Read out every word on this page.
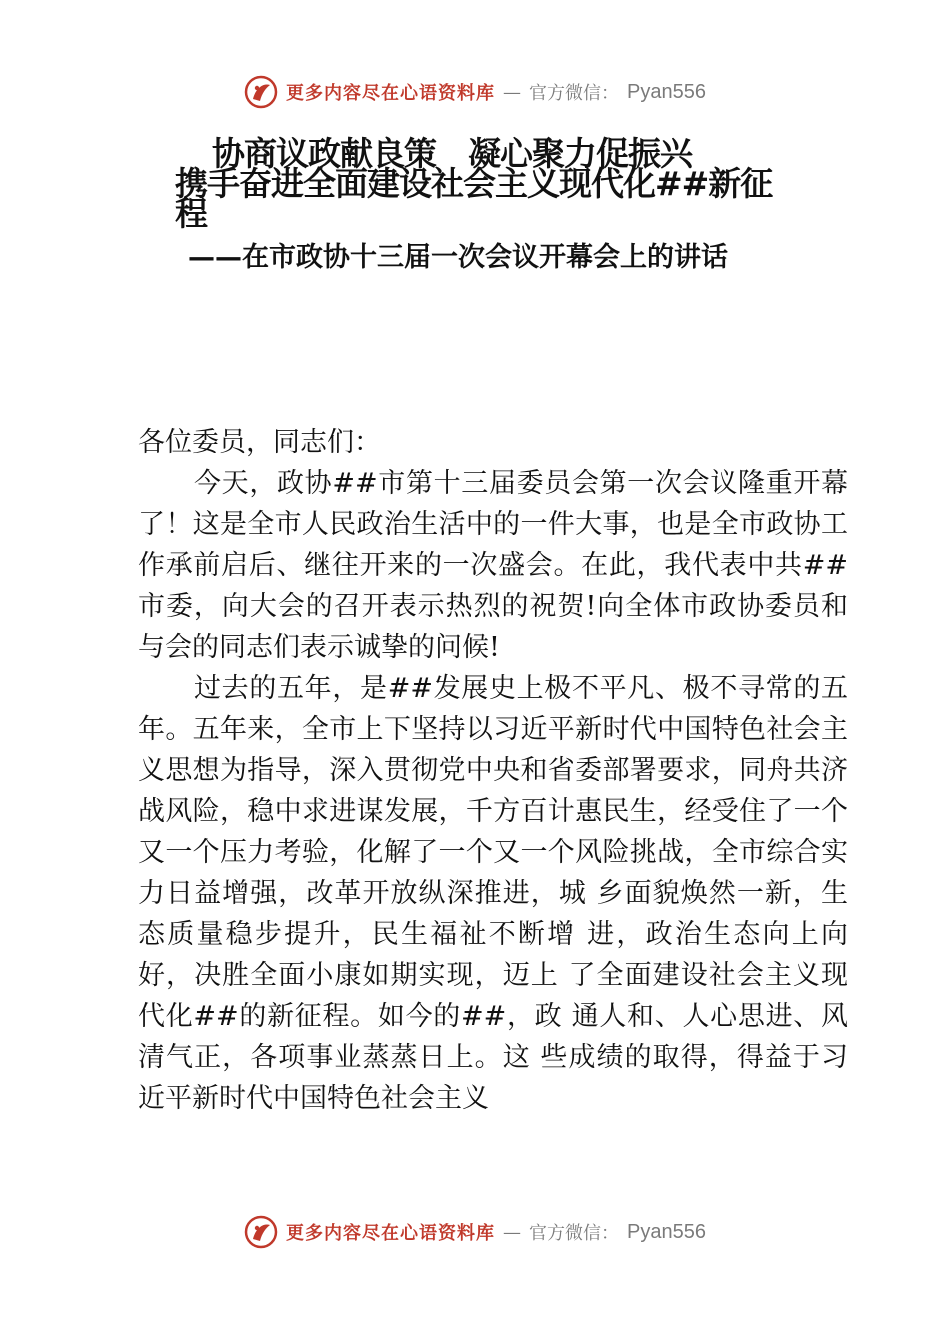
更多内容尽在心语资料库 — 官方微信： Pyan556
协商议政献良策　凝心聚力促振兴
携手奋进全面建设社会主义现代化##新征
程
——在市政协十三届一次会议开幕会上的讲话

各位委员，同志们：

今天，政协##市第十三届委员会第一次会议隆重开幕了！这是全市人民政治生活中的一件大事，也是全市政协工作承前启后、继往开来的一次盛会。在此，我代表中共##市委，向大会的召开表示热烈的祝贺!向全体市政协委员和与会的同志们表示诚挚的问候!

过去的五年，是##发展史上极不平凡、极不寻常的五年。五年来，全市上下坚持以习近平新时代中国特色社会主义思想为指导，深入贯彻党中央和省委部署要求，同舟共济战风险，稳中求进谋发展，千方百计惠民生，经受住了一个又一个压力考验，化解了一个又一个风险挑战，全市综合实力日益增强，改革开放纵深推进，城 乡面貌焕然一新，生态质量稳步提升，民生福祉不断增 进，政治生态向上向好，决胜全面小康如期实现，迈上 了全面建设社会主义现代化##的新征程。如今的##，政 通人和、人心思进、风清气正，各项事业蒸蒸日上。这 些成绩的取得，得益于习近平新时代中国特色社会主义

更多内容尽在心语资料库 — 官方微信： Pyan556
